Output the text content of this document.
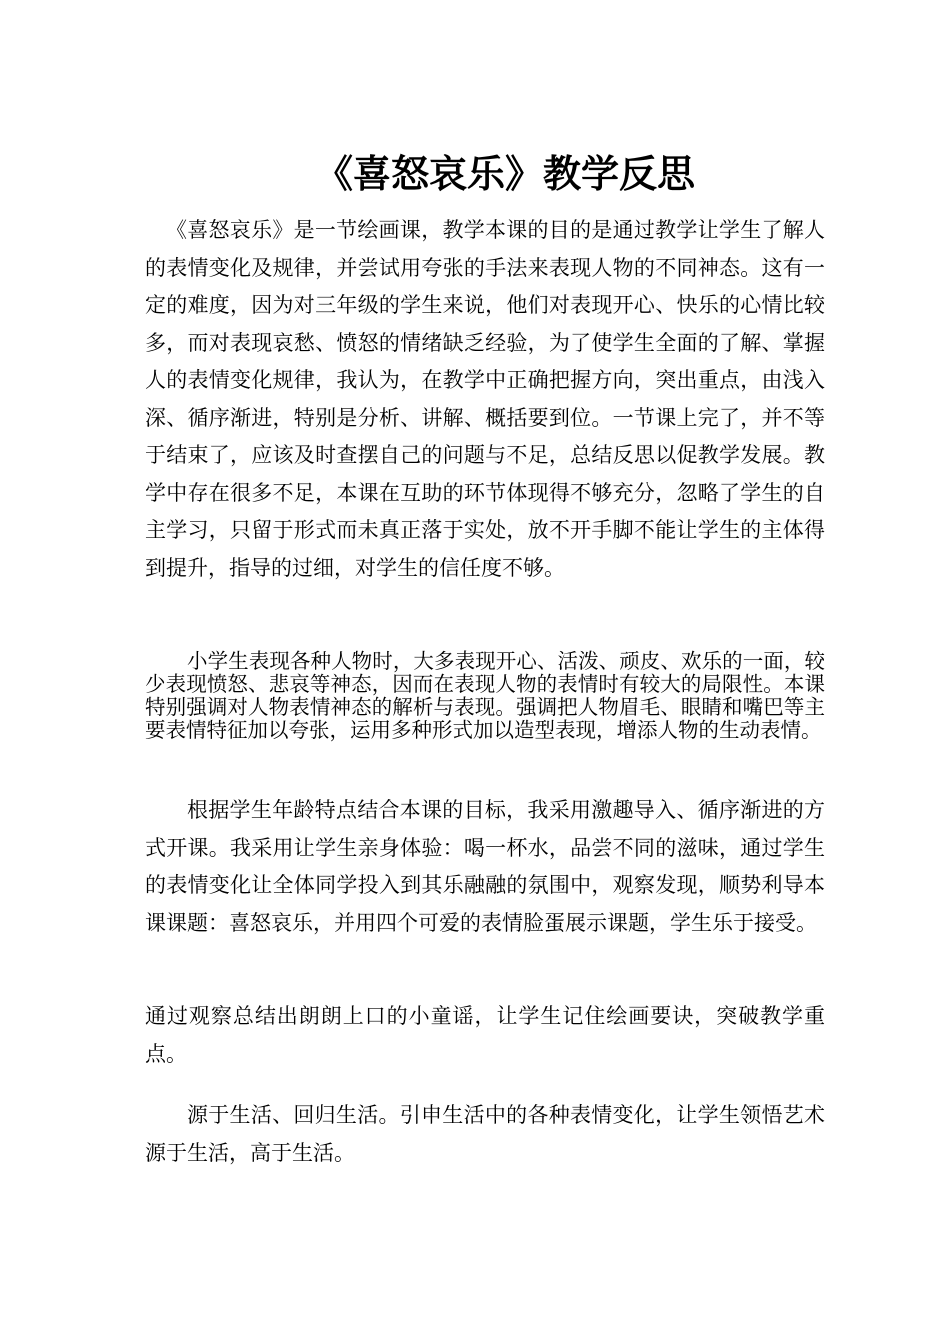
《喜怒哀乐》教学反思

《喜怒哀乐》是一节绘画课，教学本课的目的是通过教学让学生了解人的表情变化及规律，并尝试用夸张的手法来表现人物的不同神态。这有一定的难度，因为对三年级的学生来说，他们对表现开心、快乐的心情比较多，而对表现哀愁、愤怒的情绪缺乏经验，为了使学生全面的了解、掌握人的表情变化规律，我认为，在教学中正确把握方向，突出重点，由浅入深、循序渐进，特别是分析、讲解、概括要到位。一节课上完了，并不等于结束了，应该及时查摆自己的问题与不足，总结反思以促教学发展。教学中存在很多不足，本课在互助的环节体现得不够充分，忽略了学生的自主学习，只留于形式而未真正落于实处，放不开手脚不能让学生的主体得到提升，指导的过细，对学生的信任度不够。

小学生表现各种人物时，大多表现开心、活泼、顽皮、欢乐的一面，较少表现愤怒、悲哀等神态，因而在表现人物的表情时有较大的局限性。本课特别强调对人物表情神态的解析与表现。强调把人物眉毛、眼睛和嘴巴等主要表情特征加以夸张，运用多种形式加以造型表现，增添人物的生动表情。

根据学生年龄特点结合本课的目标，我采用激趣导入、循序渐进的方式开课。我采用让学生亲身体验：喝一杯水，品尝不同的滋味，通过学生的表情变化让全体同学投入到其乐融融的氛围中，观察发现，顺势利导本课课题：喜怒哀乐，并用四个可爱的表情脸蛋展示课题，学生乐于接受。

通过观察总结出朗朗上口的小童谣，让学生记住绘画要诀，突破教学重点。

源于生活、回归生活。引申生活中的各种表情变化，让学生领悟艺术源于生活，高于生活。
